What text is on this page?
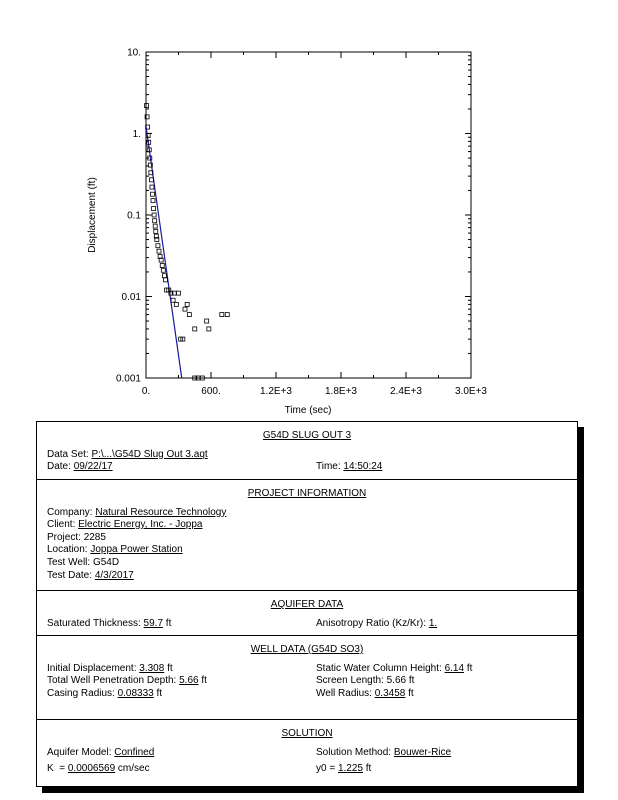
0.	600.	1.2E+3	1.8E+3	2.4E+3	3.0E+3
0.001
0.01
0.1
1.
10.
Time (sec)
Displacement (ft)
G54D SLUG OUT 3
Data Set: P:\...\G54D Slug Out 3.aqt
Date: 09/22/17	Time: 14:50:24
PROJECT INFORMATION
Company: Natural Resource Technology
Client: Electric Energy, Inc. - Joppa
Project: 2285
Location: Joppa Power Station
Test Well: G54D
Test Date: 4/3/2017
AQUIFER DATA
Saturated Thickness: 59.7 ft	Anisotropy Ratio (Kz/Kr): 1.
WELL DATA (G54D SO3)
Initial Displacement: 3.308 ft	Static Water Column Height: 6.14 ft
Total Well Penetration Depth: 5.66 ft	Screen Length: 5.66 ft
Casing Radius: 0.08333 ft	Well Radius: 0.3458 ft
SOLUTION
Aquifer Model: Confined	Solution Method: Bouwer-Rice
K = 0.0006569 cm/sec	y0 = 1.225 ft
